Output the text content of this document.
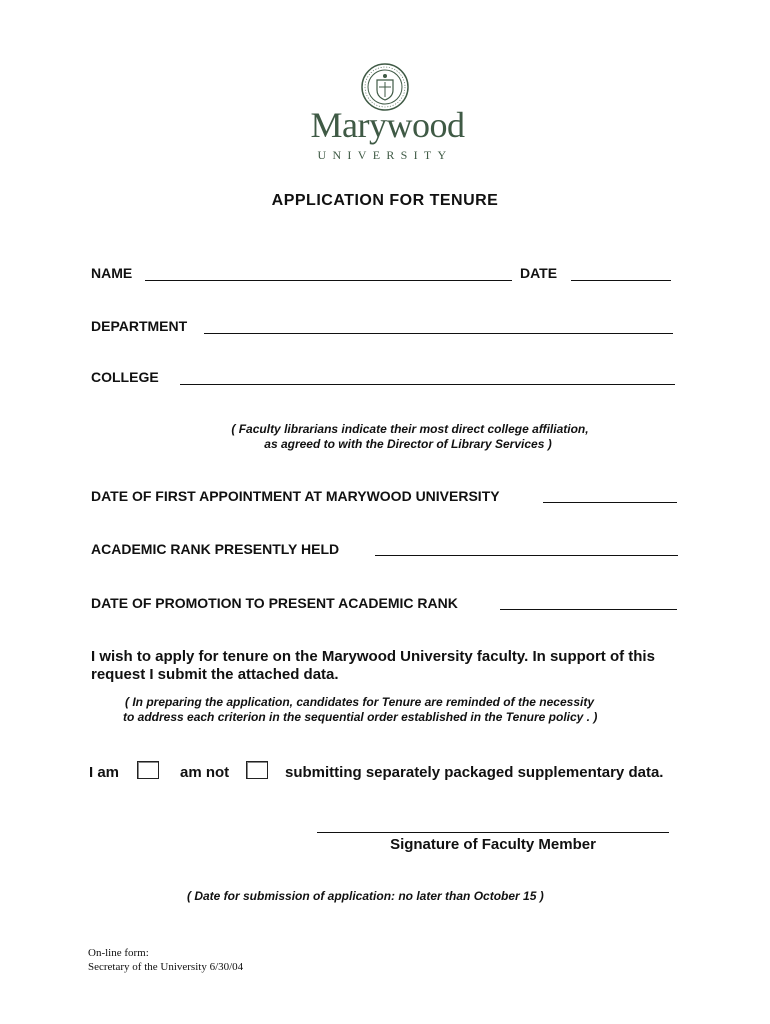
Marywood
UNIVERSITY
APPLICATION FOR TENURE
NAME	DATE
DEPARTMENT
COLLEGE
( Faculty librarians indicate their most direct college affiliation,
as agreed to with the Director of Library Services )
DATE OF FIRST APPOINTMENT AT MARYWOOD UNIVERSITY
ACADEMIC RANK PRESENTLY HELD
DATE OF PROMOTION TO PRESENT ACADEMIC RANK
I wish to apply for tenure on the Marywood University faculty. In support of this
request I submit the attached data.
( In preparing the application, candidates for Tenure are reminded of the necessity
to address each criterion in the sequential order established in the Tenure policy . )
I am	am not	submitting separately packaged supplementary data.
Signature of Faculty Member
( Date for submission of application: no later than October 15 )
On-line form:
Secretary of the University 6/30/04
